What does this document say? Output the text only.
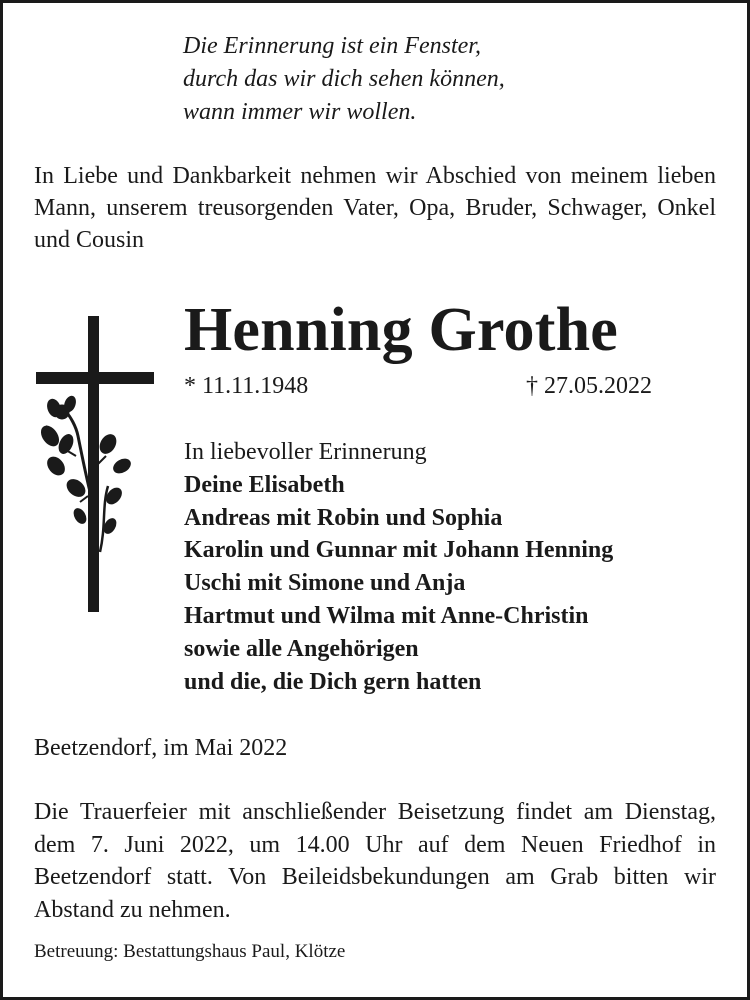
Die Erinnerung ist ein Fenster,
durch das wir dich sehen können,
wann immer wir wollen.
In Liebe und Dankbarkeit nehmen wir Abschied von meinem lieben Mann, unserem treusorgenden Vater, Opa, Bruder, Schwager, Onkel und Cousin
Henning Grothe
* 11.11.1948	† 27.05.2022
In liebevoller Erinnerung
Deine Elisabeth
Andreas mit Robin und Sophia
Karolin und Gunnar mit Johann Henning
Uschi mit Simone und Anja
Hartmut und Wilma mit Anne-Christin
sowie alle Angehörigen
und die, die Dich gern hatten
Beetzendorf, im Mai 2022
Die Trauerfeier mit anschließender Beisetzung findet am Dienstag, dem 7. Juni 2022, um 14.00 Uhr auf dem Neuen Friedhof in Beetzendorf statt. Von Beileidsbekundungen am Grab bitten wir Abstand zu nehmen.
Betreuung: Bestattungshaus Paul, Klötze
